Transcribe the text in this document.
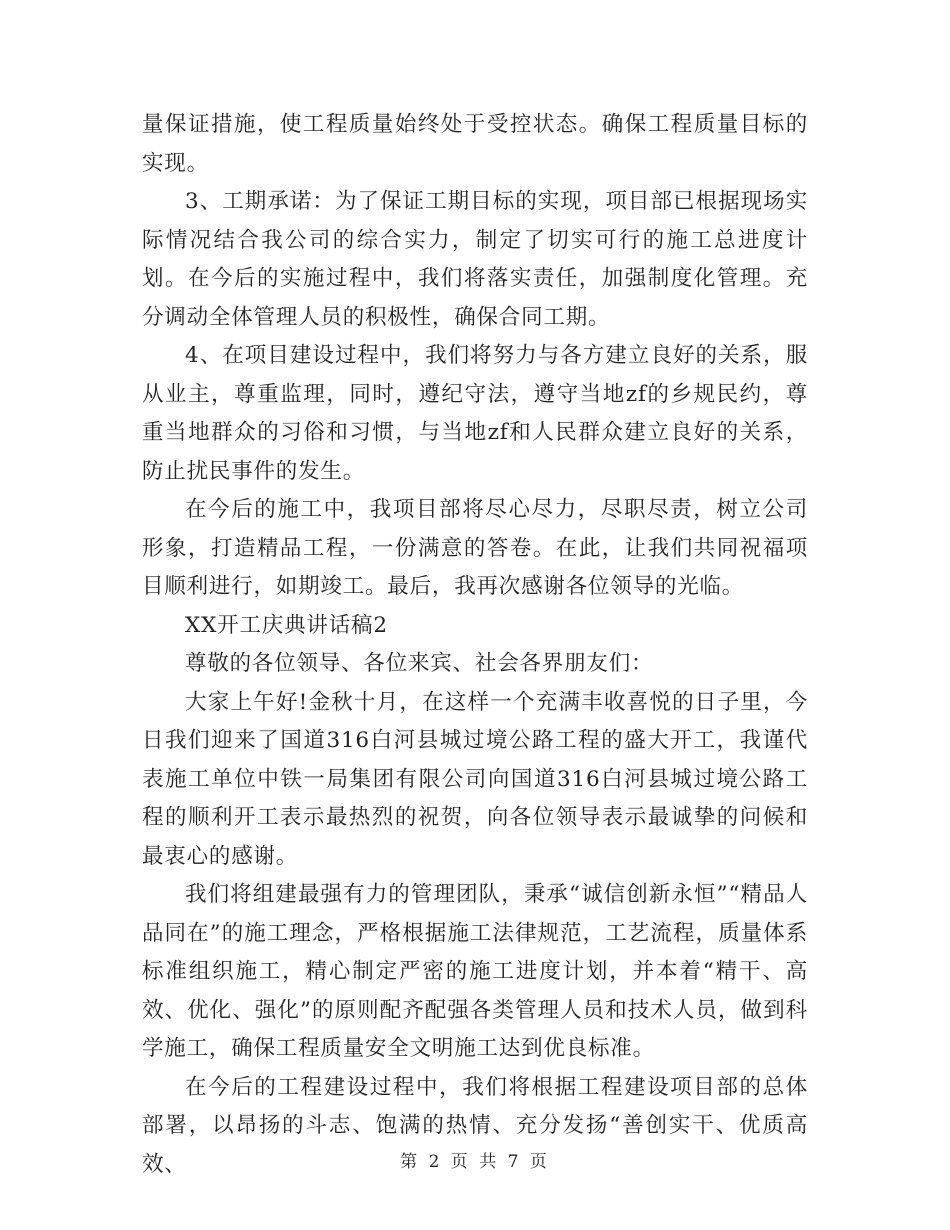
量保证措施，使工程质量始终处于受控状态。确保工程质量目标的实现。

3、工期承诺：为了保证工期目标的实现，项目部已根据现场实际情况结合我公司的综合实力，制定了切实可行的施工总进度计划。在今后的实施过程中，我们将落实责任，加强制度化管理。充分调动全体管理人员的积极性，确保合同工期。

4、在项目建设过程中，我们将努力与各方建立良好的关系，服从业主，尊重监理，同时，遵纪守法，遵守当地zf的乡规民约，尊重当地群众的习俗和习惯，与当地zf和人民群众建立良好的关系，防止扰民事件的发生。

在今后的施工中，我项目部将尽心尽力，尽职尽责，树立公司形象，打造精品工程，一份满意的答卷。在此，让我们共同祝福项目顺利进行，如期竣工。最后，我再次感谢各位领导的光临。

XX开工庆典讲话稿2

尊敬的各位领导、各位来宾、社会各界朋友们：

大家上午好!金秋十月，在这样一个充满丰收喜悦的日子里，今日我们迎来了国道316白河县城过境公路工程的盛大开工，我谨代表施工单位中铁一局集团有限公司向国道316白河县城过境公路工程的顺利开工表示最热烈的祝贺，向各位领导表示最诚挚的问候和最衷心的感谢。

我们将组建最强有力的管理团队，秉承“诚信创新永恒”“精品人品同在”的施工理念，严格根据施工法律规范，工艺流程，质量体系标准组织施工，精心制定严密的施工进度计划，并本着“精干、高效、优化、强化”的原则配齐配强各类管理人员和技术人员，做到科学施工，确保工程质量安全文明施工达到优良标准。

在今后的工程建设过程中，我们将根据工程建设项目部的总体部署，以昂扬的斗志、饱满的热情、充分发扬“善创实干、优质高效、	第 2 页 共 7 页
